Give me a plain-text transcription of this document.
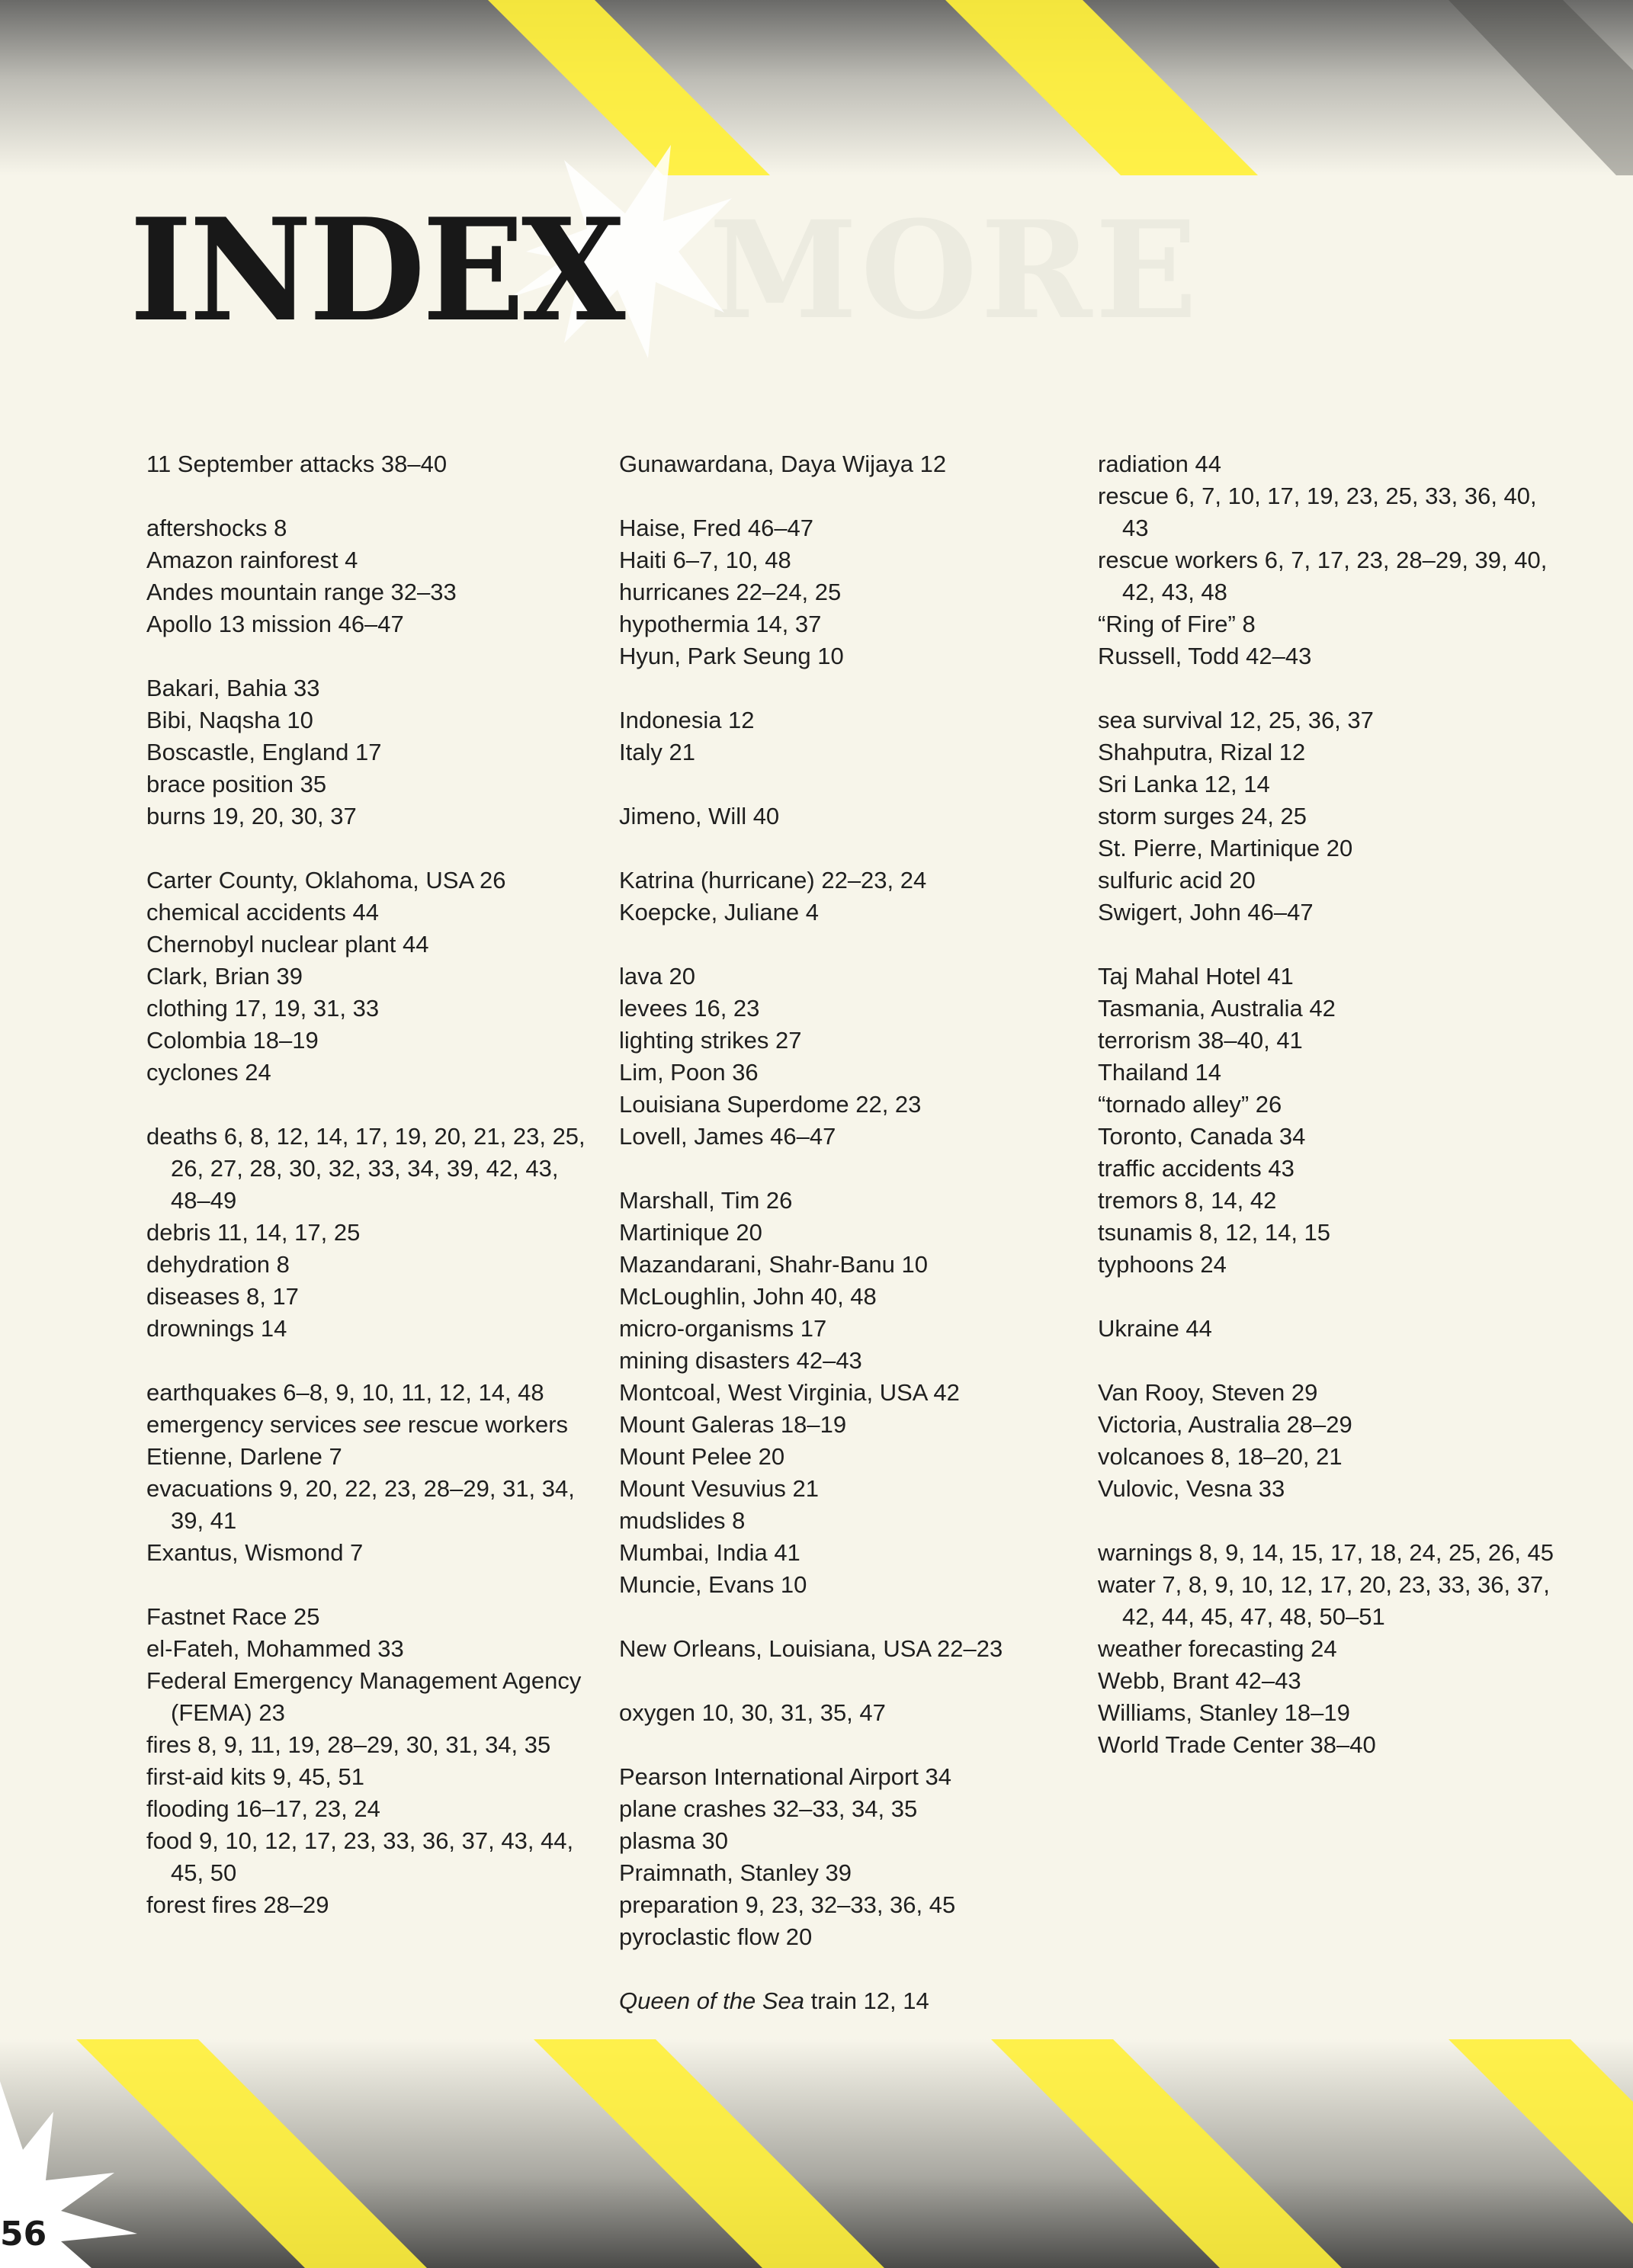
MORE
INDEX
11 September attacks 38–40
aftershocks 8
Amazon rainforest 4
Andes mountain range 32–33
Apollo 13 mission 46–47
Bakari, Bahia 33
Bibi, Naqsha 10
Boscastle, England 17
brace position 35
burns 19, 20, 30, 37
Carter County, Oklahoma, USA 26
chemical accidents 44
Chernobyl nuclear plant 44
Clark, Brian 39
clothing 17, 19, 31, 33
Colombia 18–19
cyclones 24
deaths 6, 8, 12, 14, 17, 19, 20, 21, 23, 25, 26, 27, 28, 30, 32, 33, 34, 39, 42, 43, 48–49
debris 11, 14, 17, 25
dehydration 8
diseases 8, 17
drownings 14
earthquakes 6–8, 9, 10, 11, 12, 14, 48
emergency services see rescue workers
Etienne, Darlene 7
evacuations 9, 20, 22, 23, 28–29, 31, 34, 39, 41
Exantus, Wismond 7
Fastnet Race 25
el-Fateh, Mohammed 33
Federal Emergency Management Agency (FEMA) 23
fires 8, 9, 11, 19, 28–29, 30, 31, 34, 35
first-aid kits 9, 45, 51
flooding 16–17, 23, 24
food 9, 10, 12, 17, 23, 33, 36, 37, 43, 44, 45, 50
forest fires 28–29
Gunawardana, Daya Wijaya 12
Haise, Fred 46–47
Haiti 6–7, 10, 48
hurricanes 22–24, 25
hypothermia 14, 37
Hyun, Park Seung 10
Indonesia 12
Italy 21
Jimeno, Will 40
Katrina (hurricane) 22–23, 24
Koepcke, Juliane 4
lava 20
levees 16, 23
lighting strikes 27
Lim, Poon 36
Louisiana Superdome 22, 23
Lovell, James 46–47
Marshall, Tim 26
Martinique 20
Mazandarani, Shahr-Banu 10
McLoughlin, John 40, 48
micro-organisms 17
mining disasters 42–43
Montcoal, West Virginia, USA 42
Mount Galeras 18–19
Mount Pelee 20
Mount Vesuvius 21
mudslides 8
Mumbai, India 41
Muncie, Evans 10
New Orleans, Louisiana, USA 22–23
oxygen 10, 30, 31, 35, 47
Pearson International Airport 34
plane crashes 32–33, 34, 35
plasma 30
Praimnath, Stanley 39
preparation 9, 23, 32–33, 36, 45
pyroclastic flow 20
Queen of the Sea train 12, 14
radiation 44
rescue 6, 7, 10, 17, 19, 23, 25, 33, 36, 40, 43
rescue workers 6, 7, 17, 23, 28–29, 39, 40, 42, 43, 48
“Ring of Fire” 8
Russell, Todd 42–43
sea survival 12, 25, 36, 37
Shahputra, Rizal 12
Sri Lanka 12, 14
storm surges 24, 25
St. Pierre, Martinique 20
sulfuric acid 20
Swigert, John 46–47
Taj Mahal Hotel 41
Tasmania, Australia 42
terrorism 38–40, 41
Thailand 14
“tornado alley” 26
Toronto, Canada 34
traffic accidents 43
tremors 8, 14, 42
tsunamis 8, 12, 14, 15
typhoons 24
Ukraine 44
Van Rooy, Steven 29
Victoria, Australia 28–29
volcanoes 8, 18–20, 21
Vulovic, Vesna 33
warnings 8, 9, 14, 15, 17, 18, 24, 25, 26, 45
water 7, 8, 9, 10, 12, 17, 20, 23, 33, 36, 37, 42, 44, 45, 47, 48, 50–51
weather forecasting 24
Webb, Brant 42–43
Williams, Stanley 18–19
World Trade Center 38–40
56
